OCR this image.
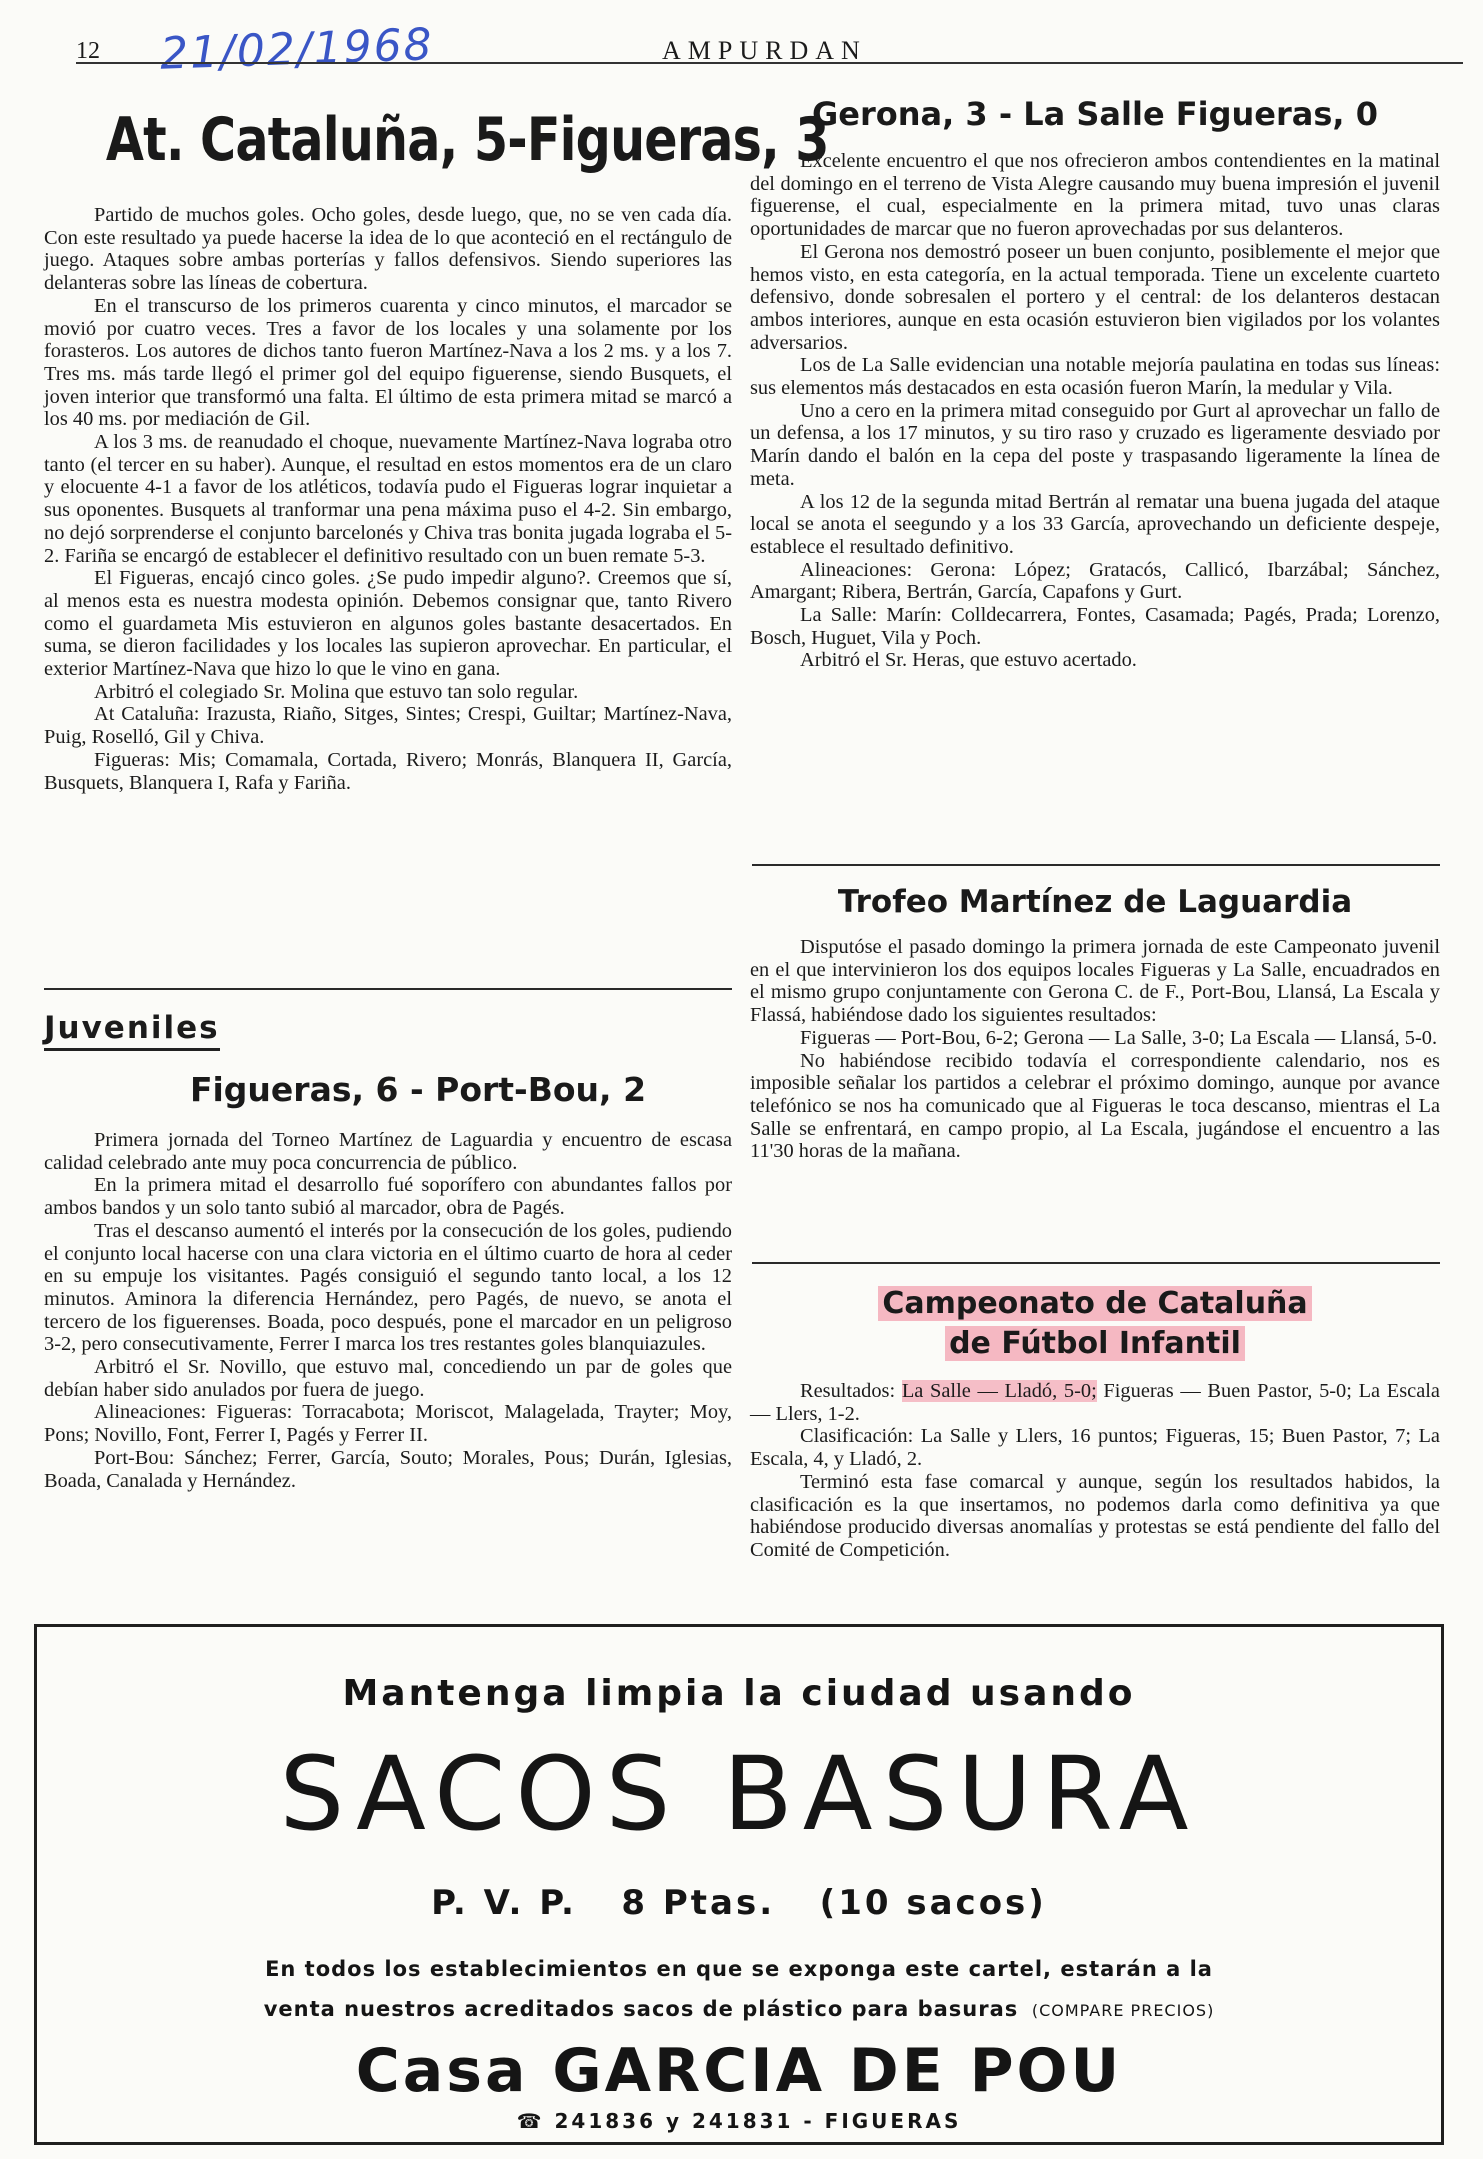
12 21/02/1968	AMPURDAN
At. Cataluña, 5-Figueras, 3

Partido de muchos goles. Ocho goles, desde luego, que, no se ven cada día. Con este resultado ya puede hacerse la idea de lo que aconteció en el rectángulo de juego. Ataques sobre ambas porterías y fallos defensivos. Siendo superiores las delanteras sobre las líneas de cobertura.

En el transcurso de los primeros cuarenta y cinco minutos, el marcador se movió por cuatro veces. Tres a favor de los locales y una solamente por los forasteros. Los autores de dichos tanto fueron Martínez-Nava a los 2 ms. y a los 7. Tres ms. más tarde llegó el primer gol del equipo figuerense, siendo Busquets, el joven interior que transformó una falta. El último de esta primera mitad se marcó a los 40 ms. por mediación de Gil.

A los 3 ms. de reanudado el choque, nuevamente Martínez-Nava lograba otro tanto (el tercer en su haber). Aunque, el resultad en estos momentos era de un claro y elocuente 4-1 a favor de los atléticos, todavía pudo el Figueras lograr inquietar a sus oponentes. Busquets al tranformar una pena máxima puso el 4-2. Sin embargo, no dejó sorprenderse el conjunto barcelonés y Chiva tras bonita jugada lograba el 5-2. Fariña se encargó de establecer el definitivo resultado con un buen remate 5-3.

El Figueras, encajó cinco goles. ¿Se pudo impedir alguno?. Creemos que sí, al menos esta es nuestra modesta opinión. Debemos consignar que, tanto Rivero como el guardameta Mis estuvieron en algunos goles bastante desacertados. En suma, se dieron facilidades y los locales las supieron aprovechar. En particular, el exterior Martínez-Nava que hizo lo que le vino en gana.

Arbitró el colegiado Sr. Molina que estuvo tan solo regular.

At Cataluña: Irazusta, Riaño, Sitges, Sintes; Crespi, Guiltar; Martínez-Nava, Puig, Roselló, Gil y Chiva.

Figueras: Mis; Comamala, Cortada, Rivero; Monrás, Blanquera II, García, Busquets, Blanquera I, Rafa y Fariña.

Juveniles
Figueras, 6 - Port-Bou, 2

Primera jornada del Torneo Martínez de Laguardia y encuentro de escasa calidad celebrado ante muy poca concurrencia de público.

En la primera mitad el desarrollo fué soporífero con abundantes fallos por ambos bandos y un solo tanto subió al marcador, obra de Pagés.

Tras el descanso aumentó el interés por la consecución de los goles, pudiendo el conjunto local hacerse con una clara victoria en el último cuarto de hora al ceder en su empuje los visitantes. Pagés consiguió el segundo tanto local, a los 12 minutos. Aminora la diferencia Hernández, pero Pagés, de nuevo, se anota el tercero de los figuerenses. Boada, poco después, pone el marcador en un peligroso 3-2, pero consecutivamente, Ferrer I marca los tres restantes goles blanquiazules.

Arbitró el Sr. Novillo, que estuvo mal, concediendo un par de goles que debían haber sido anulados por fuera de juego.

Alineaciones: Figueras: Torracabota; Moriscot, Malagelada, Trayter; Moy, Pons; Novillo, Font, Ferrer I, Pagés y Ferrer II.

Port-Bou: Sánchez; Ferrer, García, Souto; Morales, Pous; Durán, Iglesias, Boada, Canalada y Hernández.

Gerona, 3 - La Salle Figueras, 0

Excelente encuentro el que nos ofrecieron ambos contendientes en la matinal del domingo en el terreno de Vista Alegre causando muy buena impresión el juvenil figuerense, el cual, especialmente en la primera mitad, tuvo unas claras oportunidades de marcar que no fueron aprovechadas por sus delanteros.

El Gerona nos demostró poseer un buen conjunto, posiblemente el mejor que hemos visto, en esta categoría, en la actual temporada. Tiene un excelente cuarteto defensivo, donde sobresalen el portero y el central: de los delanteros destacan ambos interiores, aunque en esta ocasión estuvieron bien vigilados por los volantes adversarios.

Los de La Salle evidencian una notable mejoría paulatina en todas sus líneas: sus elementos más destacados en esta ocasión fueron Marín, la medular y Vila.

Uno a cero en la primera mitad conseguido por Gurt al aprovechar un fallo de un defensa, a los 17 minutos, y su tiro raso y cruzado es ligeramente desviado por Marín dando el balón en la cepa del poste y traspasando ligeramente la línea de meta.

A los 12 de la segunda mitad Bertrán al rematar una buena jugada del ataque local se anota el seegundo y a los 33 García, aprovechando un deficiente despeje, establece el resultado definitivo.

Alineaciones: Gerona: López; Gratacós, Callicó, Ibarzábal; Sánchez, Amargant; Ribera, Bertrán, García, Capafons y Gurt.

La Salle: Marín: Colldecarrera, Fontes, Casamada; Pagés, Prada; Lorenzo, Bosch, Huguet, Vila y Poch.

Arbitró el Sr. Heras, que estuvo acertado.

Trofeo Martínez de Laguardia

Disputóse el pasado domingo la primera jornada de este Campeonato juvenil en el que intervinieron los dos equipos locales Figueras y La Salle, encuadrados en el mismo grupo conjuntamente con Gerona C. de F., Port-Bou, Llansá, La Escala y Flassá, habiéndose dado los siguientes resultados:

Figueras — Port-Bou, 6-2; Gerona — La Salle, 3-0; La Escala — Llansá, 5-0.

No habiéndose recibido todavía el correspondiente calendario, nos es imposible señalar los partidos a celebrar el próximo domingo, aunque por avance telefónico se nos ha comunicado que al Figueras le toca descanso, mientras el La Salle se enfrentará, en campo propio, al La Escala, jugándose el encuentro a las 11'30 horas de la mañana.

Campeonato de Cataluña
de Fútbol Infantil

Resultados: La Salle — Lladó, 5-0; Figueras — Buen Pastor, 5-0; La Escala — Llers, 1-2.

Clasificación: La Salle y Llers, 16 puntos; Figueras, 15; Buen Pastor, 7; La Escala, 4, y Lladó, 2.

Terminó esta fase comarcal y aunque, según los resultados habidos, la clasificación es la que insertamos, no podemos darla como definitiva ya que habiéndose producido diversas anomalías y protestas se está pendiente del fallo del Comité de Competición.

Mantenga limpia la ciudad usando
SACOS BASURA
P. V. P.   8 Ptas.   (10 sacos)
En todos los establecimientos en que se exponga este cartel, estarán a la
venta nuestros acreditados sacos de plástico para basuras (COMPARE PRECIOS)
Casa GARCIA DE POU
☎ 241836 y 241831 - FIGUERAS
